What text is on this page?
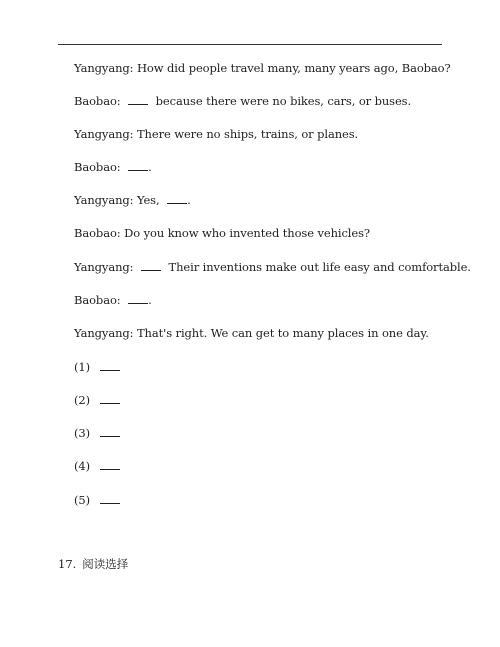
Yangyang: How did people travel many, many years ago, Baobao?
Baobao:	because there were no bikes, cars, or buses.
Yangyang: There were no ships, trains, or planes.
Baobao: .
Yangyang: Yes, .
Baobao: Do you know who invented those vehicles?
Yangyang:	Their inventions make out life easy and comfortable.
Baobao: .
Yangyang: That's right. We can get to many places in one day.
(1)
(2)
(3)
(4)
(5)
17. 阅读选择
